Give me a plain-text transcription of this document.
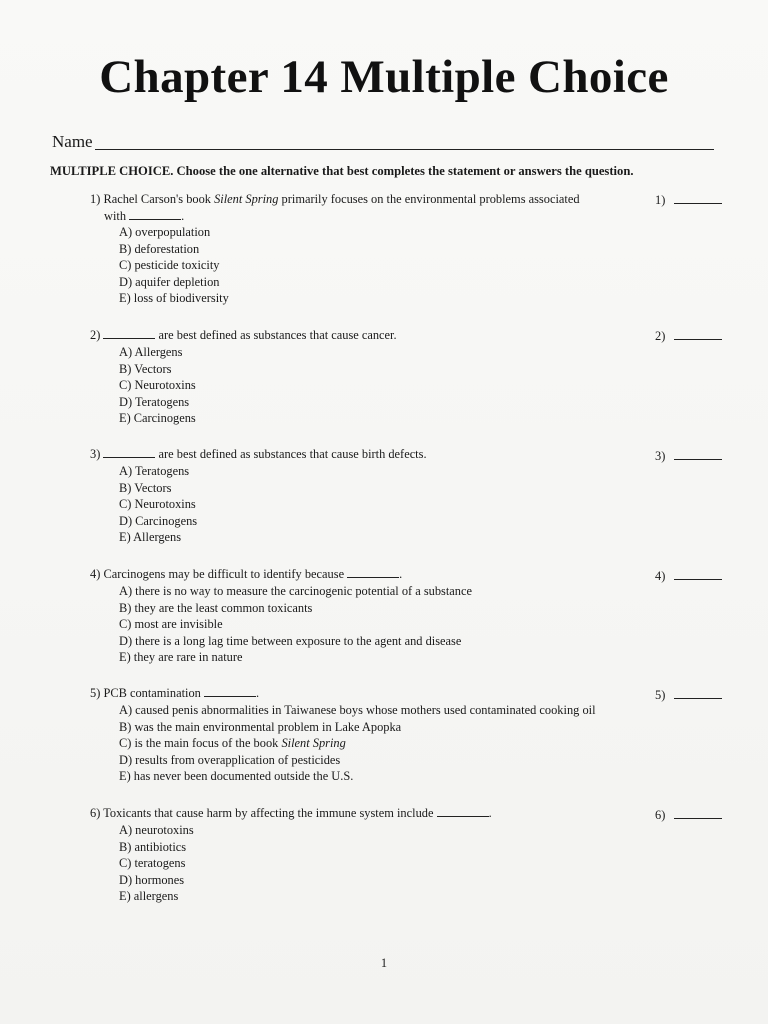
Chapter 14 Multiple Choice
Name
MULTIPLE CHOICE. Choose the one alternative that best completes the statement or answers the question.
1) Rachel Carson's book Silent Spring primarily focuses on the environmental problems associated
with	.
A) overpopulation
B) deforestation
C) pesticide toxicity
D) aquifer depletion
E) loss of biodiversity
1)
2)	are best defined as substances that cause cancer.
A) Allergens
B) Vectors
C) Neurotoxins
D) Teratogens
E) Carcinogens
2)
3)	are best defined as substances that cause birth defects.
A) Teratogens
B) Vectors
C) Neurotoxins
D) Carcinogens
E) Allergens
3)
4) Carcinogens may be difficult to identify because	.
A) there is no way to measure the carcinogenic potential of a substance
B) they are the least common toxicants
C) most are invisible
D) there is a long lag time between exposure to the agent and disease
E) they are rare in nature
4)
5) PCB contamination	.
A) caused penis abnormalities in Taiwanese boys whose mothers used contaminated cooking oil
B) was the main environmental problem in Lake Apopka
C) is the main focus of the book Silent Spring
D) results from overapplication of pesticides
E) has never been documented outside the U.S.
5)
6) Toxicants that cause harm by affecting the immune system include	.
A) neurotoxins
B) antibiotics
C) teratogens
D) hormones
E) allergens
6)
1
